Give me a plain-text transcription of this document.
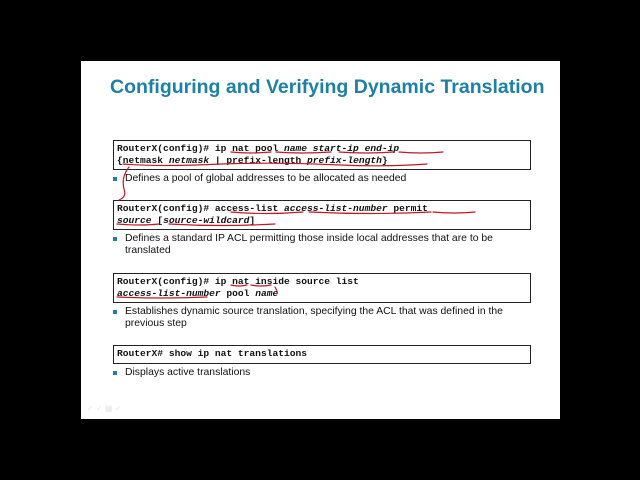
Configuring and Verifying Dynamic Translation
RouterX(config)# ip nat pool name start-ip end-ip
{netmask netmask | prefix-length prefix-length}
Defines a pool of global addresses to be allocated as needed
RouterX(config)# access-list access-list-number permit
source [source-wildcard]
Defines a standard IP ACL permitting those inside local addresses that are to be translated
RouterX(config)# ip nat inside source list
access-list-number pool name
Establishes dynamic source translation, specifying the ACL that was defined in the previous step
RouterX# show ip nat translations
Displays active translations
✓ ✓ ▦ ✓
